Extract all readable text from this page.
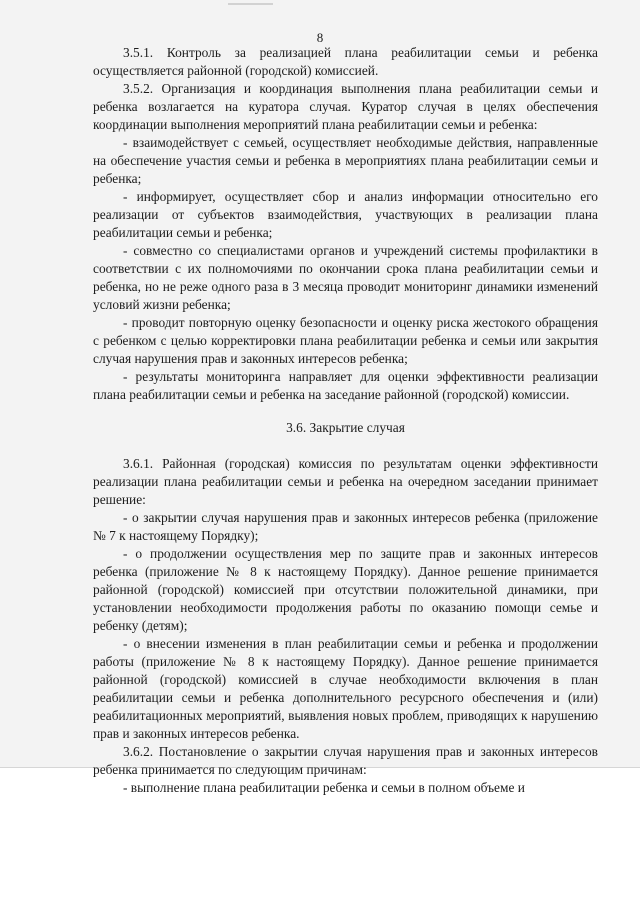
8

3.5.1. Контроль за реализацией плана реабилитации семьи и ребенка осуществляется районной (городской) комиссией.

3.5.2. Организация и координация выполнения плана реабилитации семьи и ребенка возлагается на куратора случая. Куратор случая в целях обеспечения координации выполнения мероприятий плана реабилитации семьи и ребенка:

- взаимодействует с семьей, осуществляет необходимые действия, направленные на обеспечение участия семьи и ребенка в мероприятиях плана реабилитации семьи и ребенка;

- информирует, осуществляет сбор и анализ информации относительно его реализации от субъектов взаимодействия, участвующих в реализации плана реабилитации семьи и ребенка;

- совместно со специалистами органов и учреждений системы профилактики в соответствии с их полномочиями по окончании срока плана реабилитации семьи и ребенка, но не реже одного раза в 3 месяца проводит мониторинг динамики изменений условий жизни ребенка;

- проводит повторную оценку безопасности и оценку риска жестокого обращения с ребенком с целью корректировки плана реабилитации ребенка и семьи или закрытия случая нарушения прав и законных интересов ребенка;

- результаты мониторинга направляет для оценки эффективности реализации плана реабилитации семьи и ребенка на заседание районной (городской) комиссии.

3.6. Закрытие случая

3.6.1. Районная (городская) комиссия по результатам оценки эффективности реализации плана реабилитации семьи и ребенка на очередном заседании принимает решение:

- о закрытии случая нарушения прав и законных интересов ребенка (приложение № 7 к настоящему Порядку);

- о продолжении осуществления мер по защите прав и законных интересов ребенка (приложение № 8 к настоящему Порядку). Данное решение принимается районной (городской) комиссией при отсутствии положительной динамики, при установлении необходимости продолжения работы по оказанию помощи семье и ребенку (детям);

- о внесении изменения в план реабилитации семьи и ребенка и продолжении работы (приложение № 8 к настоящему Порядку). Данное решение принимается районной (городской) комиссией в случае необходимости включения в план реабилитации семьи и ребенка дополнительного ресурсного обеспечения и (или) реабилитационных мероприятий, выявления новых проблем, приводящих к нарушению прав и законных интересов ребенка.

3.6.2. Постановление о закрытии случая нарушения прав и законных интересов ребенка принимается по следующим причинам:

- выполнение плана реабилитации ребенка и семьи в полном объеме и
